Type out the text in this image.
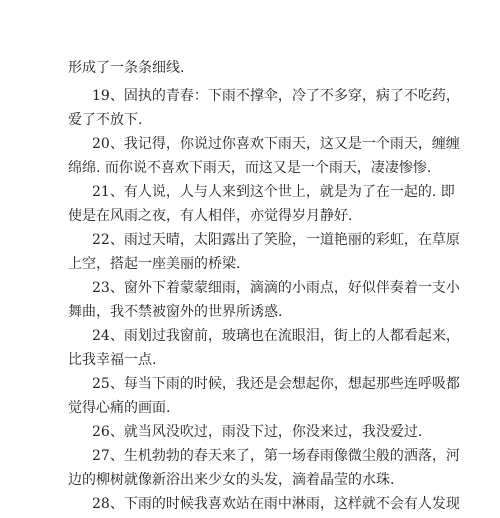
形成了一条条细线.
19、固执的青春：下雨不撑伞，冷了不多穿，病了不吃药，
爱了不放下.
20、我记得，你说过你喜欢下雨天，这又是一个雨天，缠缠
绵绵. 而你说不喜欢下雨天，而这又是一个雨天，凄凄惨惨.
21、有人说，人与人来到这个世上，就是为了在一起的. 即
使是在风雨之夜，有人相伴，亦觉得岁月静好.
22、雨过天晴，太阳露出了笑脸，一道艳丽的彩虹，在草原
上空，搭起一座美丽的桥梁.
23、窗外下着蒙蒙细雨，滴滴的小雨点，好似伴奏着一支小
舞曲，我不禁被窗外的世界所诱惑.
24、雨划过我窗前，玻璃也在流眼泪，街上的人都看起来，
比我幸福一点.
25、每当下雨的时候，我还是会想起你，想起那些连呼吸都
觉得心痛的画面.
26、就当风没吹过，雨没下过，你没来过，我没爱过.
27、生机勃勃的春天来了，第一场春雨像微尘般的洒落，河
边的柳树就像新浴出来少女的头发，滴着晶莹的水珠.
28、下雨的时候我喜欢站在雨中淋雨，这样就不会有人发现
